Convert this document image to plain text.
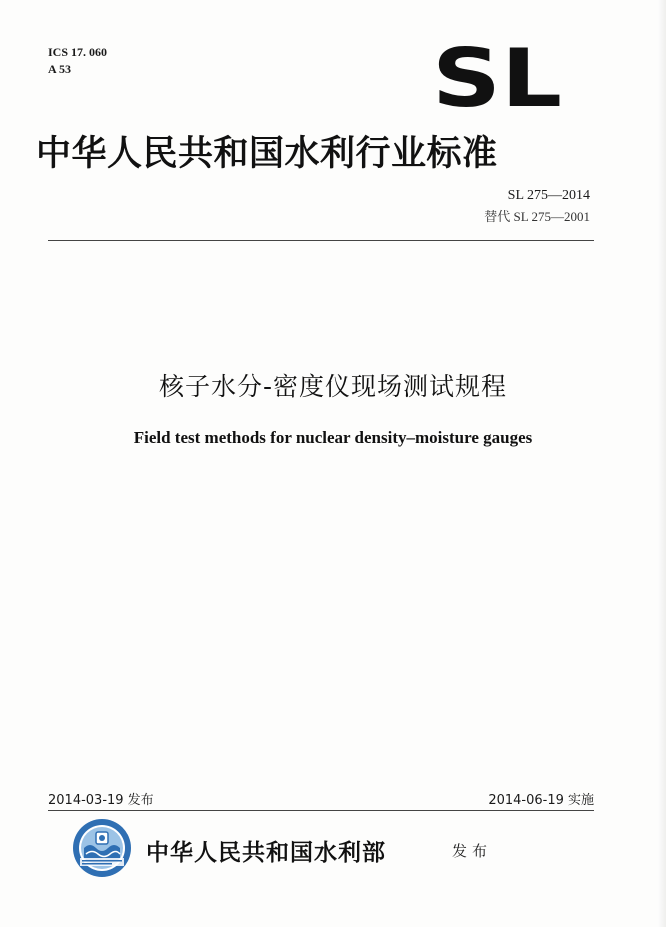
ICS 17. 060
A 53	SL
中华人民共和国水利行业标准
SL 275—2014
替代 SL 275—2001
核子水分-密度仪现场测试规程
Field test methods for nuclear density–moisture gauges
2014-03-19 发布	2014-06-19 实施
中华人民共和国水利部	发布
